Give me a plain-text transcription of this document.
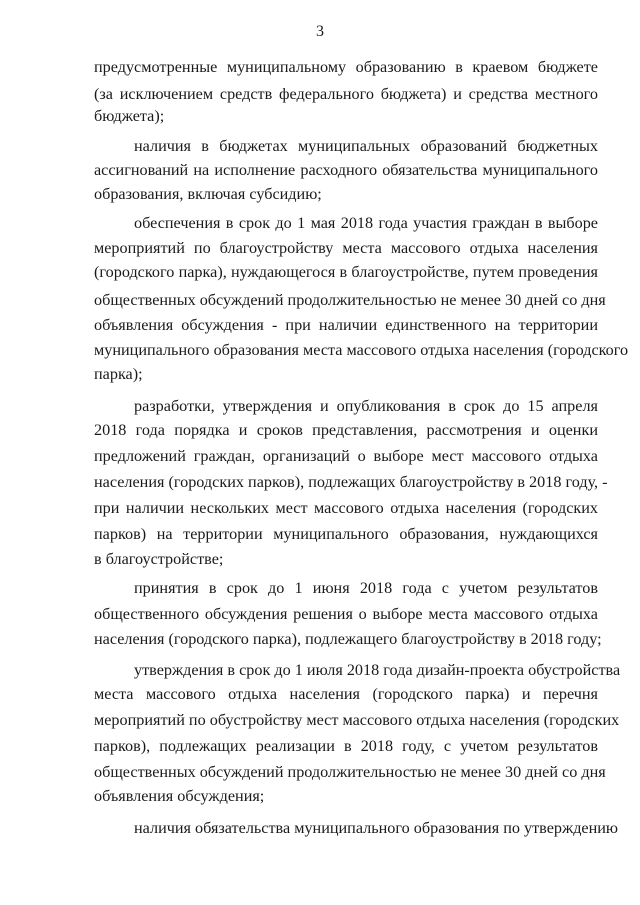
3
предусмотренные муниципальному образованию в краевом бюджете
(за исключением средств федерального бюджета) и средства местного
бюджета);
наличия в бюджетах муниципальных образований бюджетных
ассигнований на исполнение расходного обязательства муниципального
образования, включая субсидию;
обеспечения в срок до 1 мая 2018 года участия граждан в выборе
мероприятий по благоустройству места массового отдыха населения
(городского парка), нуждающегося в благоустройстве, путем проведения
общественных обсуждений продолжительностью не менее 30 дней со дня
объявления обсуждения - при наличии единственного на территории
муниципального образования места массового отдыха населения (городского
парка);
разработки, утверждения и опубликования в срок до 15 апреля
2018 года порядка и сроков представления, рассмотрения и оценки
предложений граждан, организаций о выборе мест массового отдыха
населения (городских парков), подлежащих благоустройству в 2018 году, -
при наличии нескольких мест массового отдыха населения (городских
парков) на территории муниципального образования, нуждающихся
в благоустройстве;
принятия в срок до 1 июня 2018 года с учетом результатов
общественного обсуждения решения о выборе места массового отдыха
населения (городского парка), подлежащего благоустройству в 2018 году;
утверждения в срок до 1 июля 2018 года дизайн-проекта обустройства
места массового отдыха населения (городского парка) и перечня
мероприятий по обустройству мест массового отдыха населения (городских
парков), подлежащих реализации в 2018 году, с учетом результатов
общественных обсуждений продолжительностью не менее 30 дней со дня
объявления обсуждения;
наличия обязательства муниципального образования по утверждению
